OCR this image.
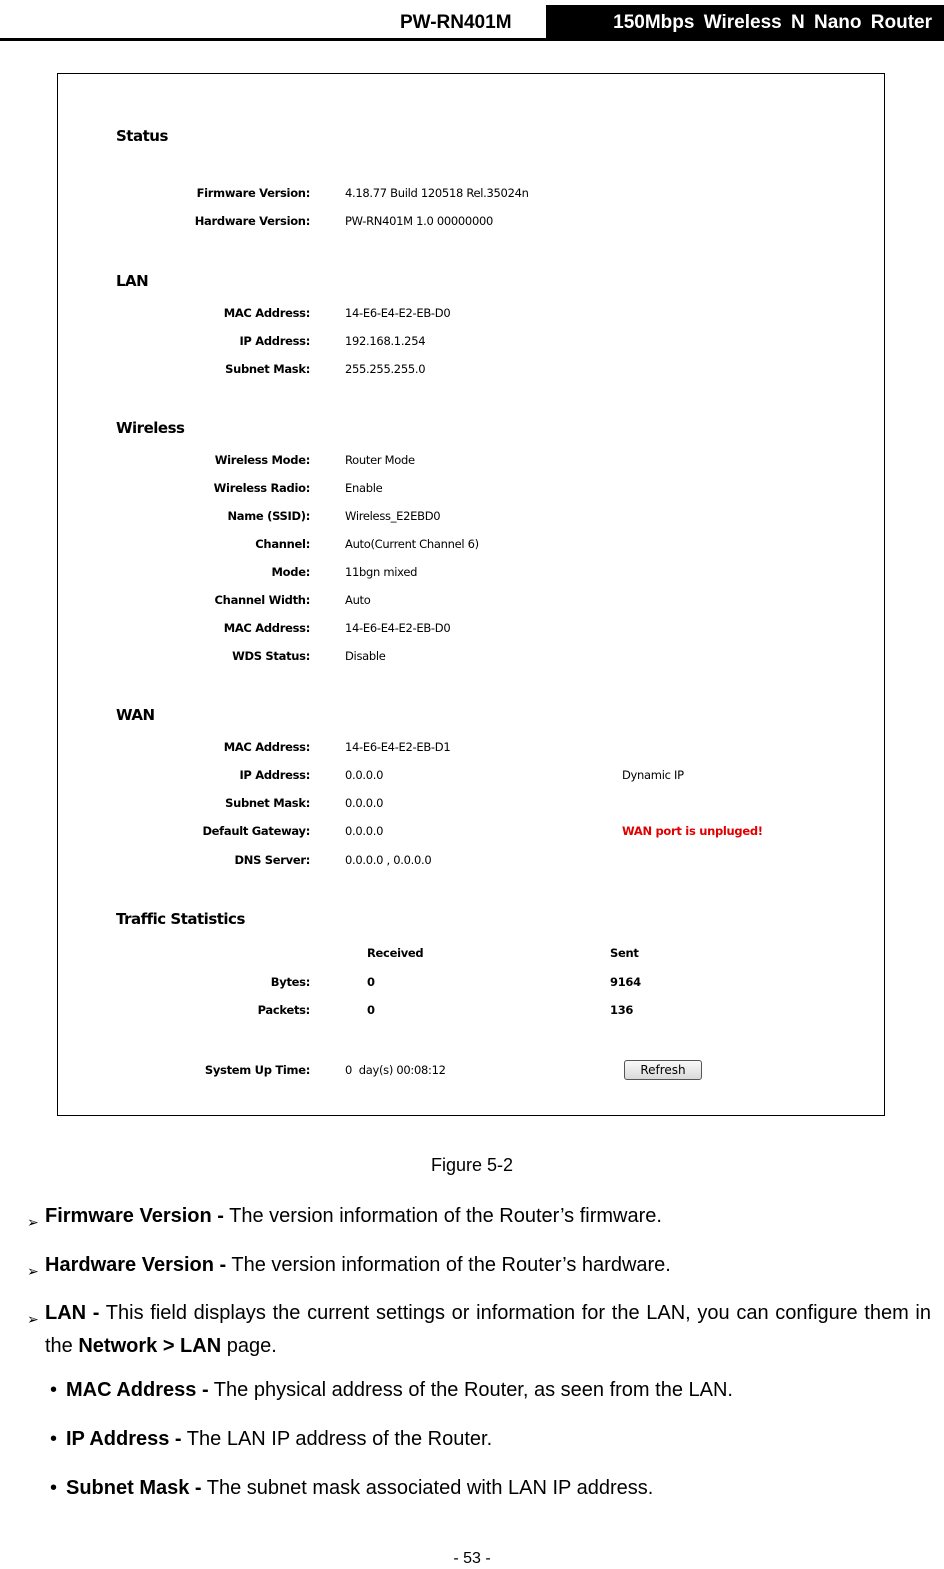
PW-RN401M	150Mbps Wireless N Nano Router
Status
Firmware Version:	4.18.77 Build 120518 Rel.35024n
Hardware Version:	PW-RN401M 1.0 00000000
LAN
MAC Address:	14-E6-E4-E2-EB-D0
IP Address:	192.168.1.254
Subnet Mask:	255.255.255.0
Wireless
Wireless Mode:	Router Mode
Wireless Radio:	Enable
Name (SSID):	Wireless_E2EBD0
Channel:	Auto(Current Channel 6)
Mode:	11bgn mixed
Channel Width:	Auto
MAC Address:	14-E6-E4-E2-EB-D0
WDS Status:	Disable
WAN
MAC Address:	14-E6-E4-E2-EB-D1
IP Address:	0.0.0.0	Dynamic IP
Subnet Mask:	0.0.0.0
Default Gateway:	0.0.0.0	WAN port is unpluged!
DNS Server:	0.0.0.0 , 0.0.0.0
Traffic Statistics
Received	Sent
Bytes:	0	9164
Packets:	0	136
System Up Time:	0  day(s) 00:08:12	Refresh
Figure 5-2
➢ Firmware Version - The version information of the Router’s firmware.
➢ Hardware Version - The version information of the Router’s hardware.
➢ LAN - This field displays the current settings or information for the LAN, you can configure them in the Network > LAN page.
• MAC Address - The physical address of the Router, as seen from the LAN.
• IP Address - The LAN IP address of the Router.
• Subnet Mask - The subnet mask associated with LAN IP address.
- 53 -
